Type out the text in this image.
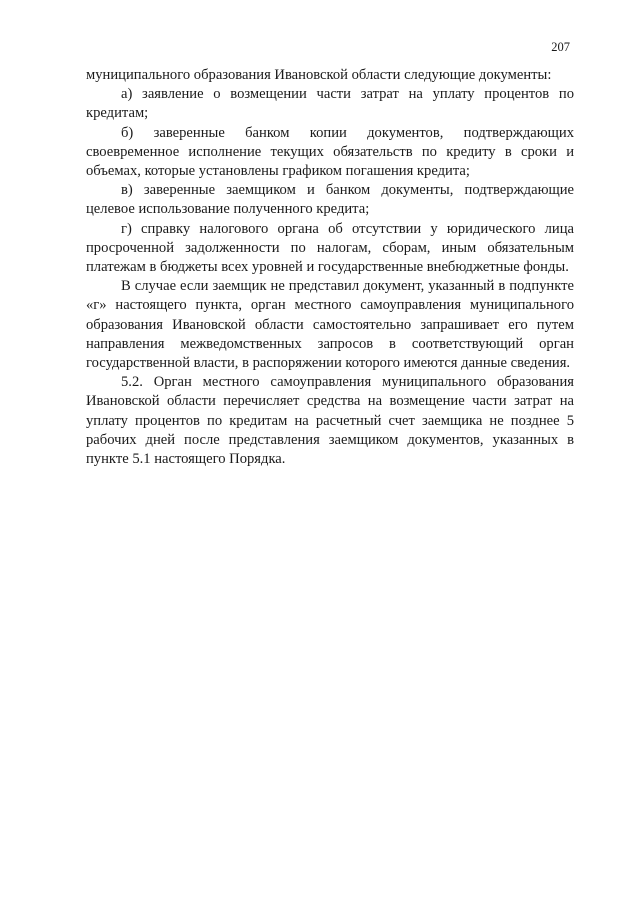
207

муниципального образования Ивановской области следующие документы:

а) заявление о возмещении части затрат на уплату процентов по кредитам;

б) заверенные банком копии документов, подтверждающих своевременное исполнение текущих обязательств по кредиту в сроки и объемах, которые установлены графиком погашения кредита;

в) заверенные заемщиком и банком документы, подтверждающие целевое использование полученного кредита;

г) справку налогового органа об отсутствии у юридического лица просроченной задолженности по налогам, сборам, иным обязательным платежам в бюджеты всех уровней и государственные внебюджетные фонды.

В случае если заемщик не представил документ, указанный в подпункте «г» настоящего пункта, орган местного самоуправления муниципального образования Ивановской области самостоятельно запрашивает его путем направления межведомственных запросов в соответствующий орган государственной власти, в распоряжении которого имеются данные сведения.

5.2. Орган местного самоуправления муниципального образования Ивановской области перечисляет средства на возмещение части затрат на уплату процентов по кредитам на расчетный счет заемщика не позднее 5 рабочих дней после представления заемщиком документов, указанных в пункте 5.1 настоящего Порядка.
